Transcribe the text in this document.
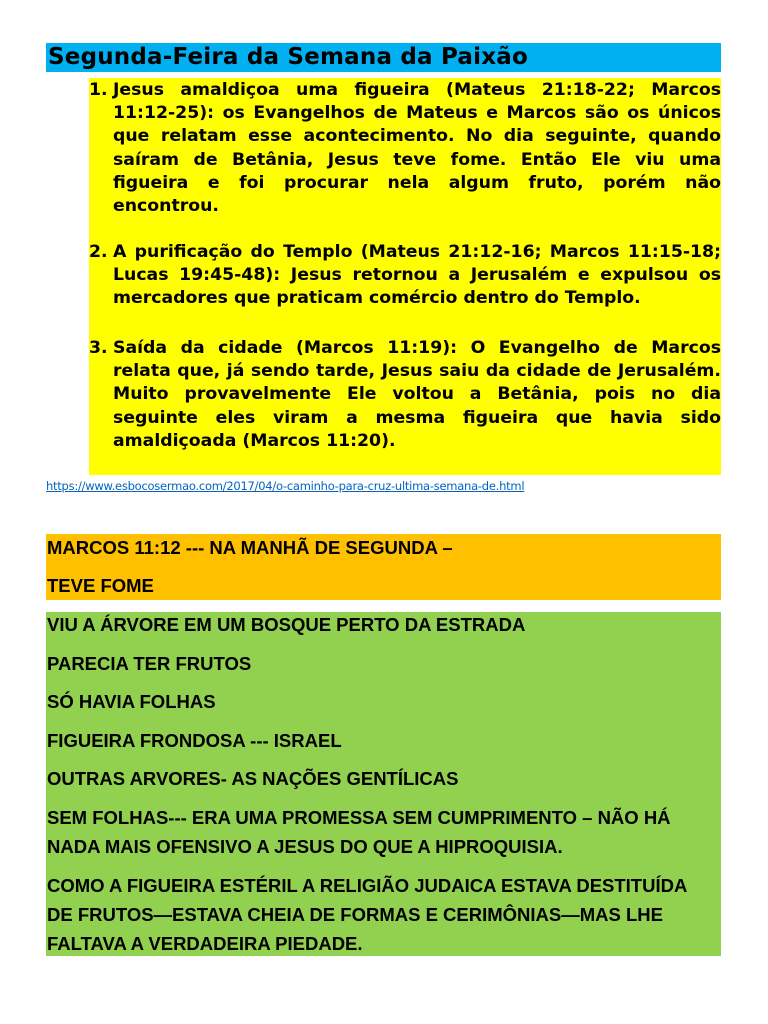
Segunda-Feira da Semana da Paixão
1. Jesus amaldiçoa uma figueira (Mateus 21:18-22; Marcos 11:12-25): os Evangelhos de Mateus e Marcos são os únicos que relatam esse acontecimento. No dia seguinte, quando saíram de Betânia, Jesus teve fome. Então Ele viu uma figueira e foi procurar nela algum fruto, porém não encontrou.
2. A purificação do Templo (Mateus 21:12-16; Marcos 11:15-18; Lucas 19:45-48): Jesus retornou a Jerusalém e expulsou os mercadores que praticam comércio dentro do Templo.
3. Saída da cidade (Marcos 11:19): O Evangelho de Marcos relata que, já sendo tarde, Jesus saiu da cidade de Jerusalém. Muito provavelmente Ele voltou a Betânia, pois no dia seguinte eles viram a mesma figueira que havia sido amaldiçoada (Marcos 11:20).
https://www.esbocosermao.com/2017/04/o-caminho-para-cruz-ultima-semana-de.html
MARCOS 11:12 --- NA MANHÃ DE SEGUNDA –
TEVE FOME
VIU A ÁRVORE EM UM BOSQUE PERTO DA ESTRADA
PARECIA TER FRUTOS
SÓ HAVIA FOLHAS
FIGUEIRA FRONDOSA --- ISRAEL
OUTRAS ARVORES- AS NAÇÕES GENTÍLICAS
SEM FOLHAS--- ERA UMA PROMESSA SEM CUMPRIMENTO – NÃO HÁ
NADA MAIS OFENSIVO A JESUS DO QUE A HIPROQUISIA.
COMO A FIGUEIRA ESTÉRIL A RELIGIÃO JUDAICA ESTAVA DESTITUÍDA
DE FRUTOS—ESTAVA CHEIA DE FORMAS E CERIMÔNIAS—MAS LHE
FALTAVA A VERDADEIRA PIEDADE.
